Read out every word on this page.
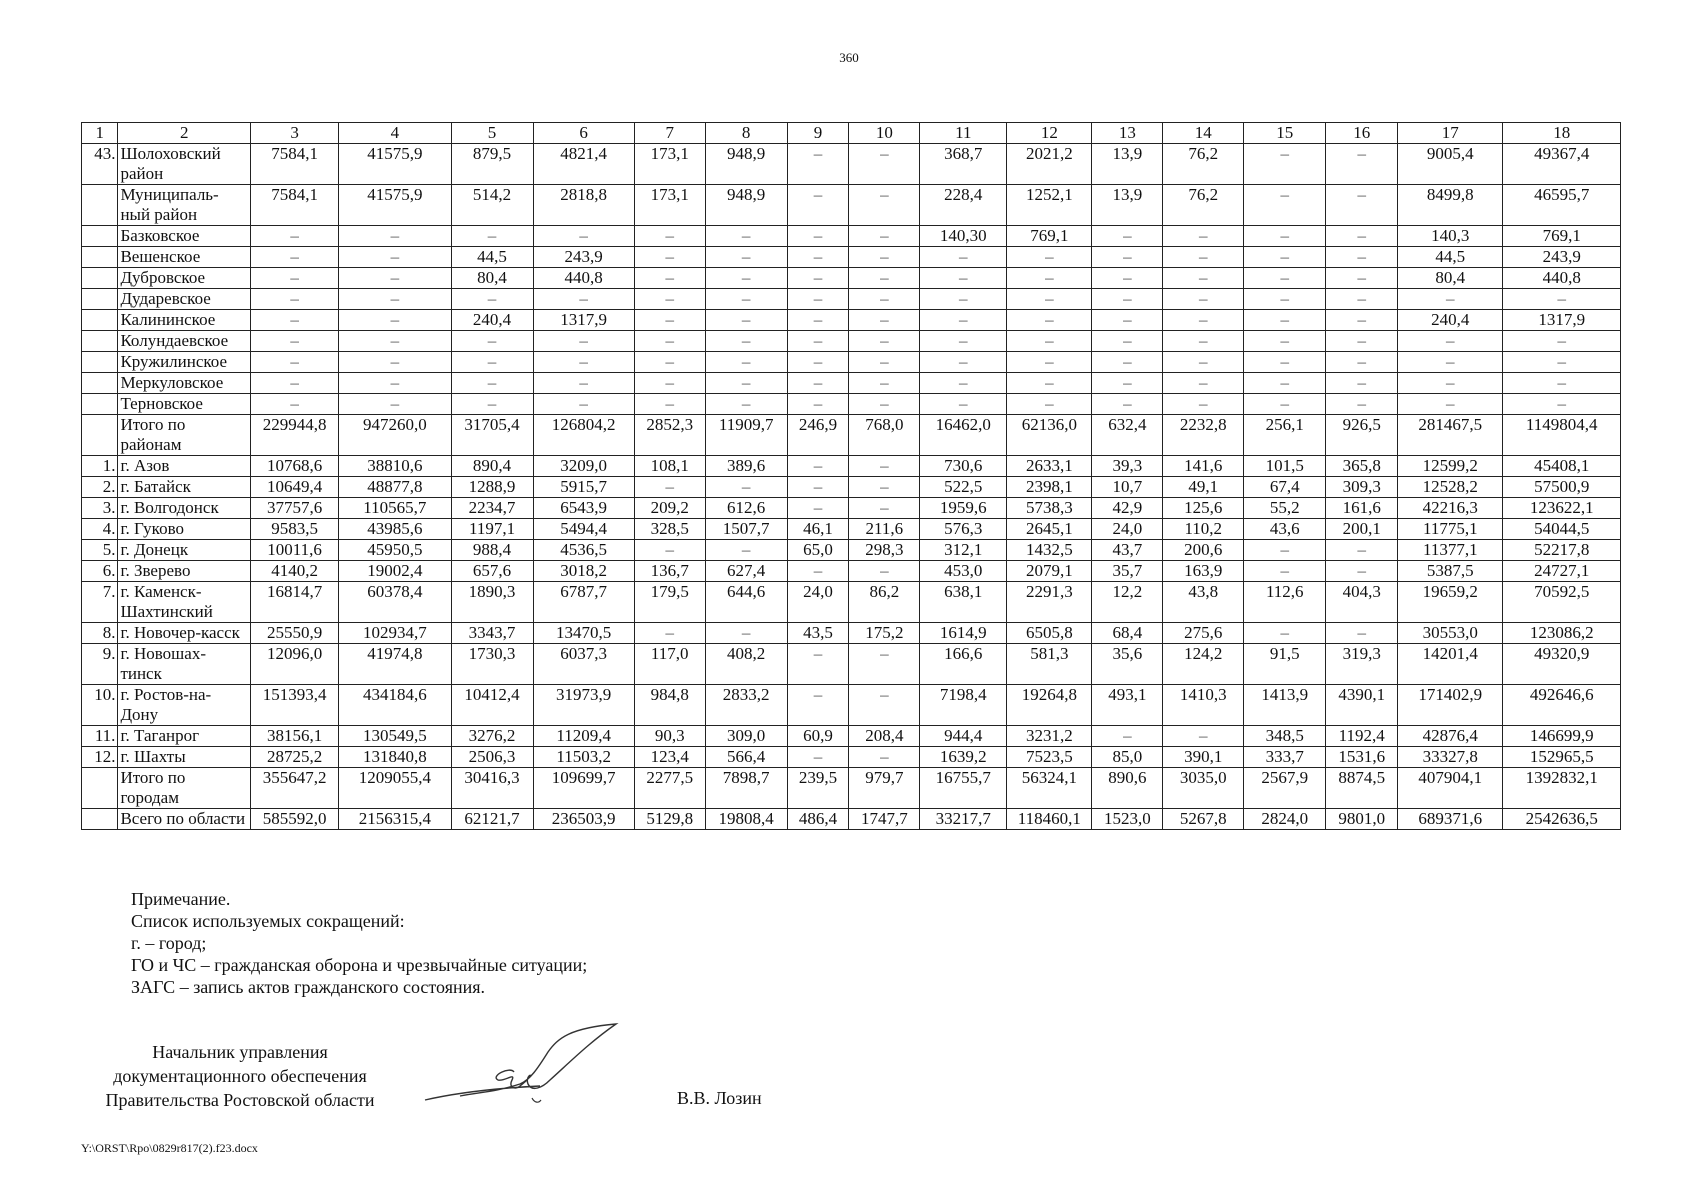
360
1	2	3	4	5	6	7	8	9	10	11	12	13	14	15	16	17	18
43.	Шолоховский район	7584,1	41575,9	879,5	4821,4	173,1	948,9	–	–	368,7	2021,2	13,9	76,2	–	–	9005,4	49367,4
	Муниципаль-ный район	7584,1	41575,9	514,2	2818,8	173,1	948,9	–	–	228,4	1252,1	13,9	76,2	–	–	8499,8	46595,7
	Базковское	–	–	–	–	–	–	–	–	140,30	769,1	–	–	–	–	140,3	769,1
	Вешенское	–	–	44,5	243,9	–	–	–	–	–	–	–	–	–	–	44,5	243,9
	Дубровское	–	–	80,4	440,8	–	–	–	–	–	–	–	–	–	–	80,4	440,8
	Дударевское	–	–	–	–	–	–	–	–	–	–	–	–	–	–	–	–
	Калининское	–	–	240,4	1317,9	–	–	–	–	–	–	–	–	–	–	240,4	1317,9
	Колундаевское	–	–	–	–	–	–	–	–	–	–	–	–	–	–	–	–
	Кружилинское	–	–	–	–	–	–	–	–	–	–	–	–	–	–	–	–
	Меркуловское	–	–	–	–	–	–	–	–	–	–	–	–	–	–	–	–
	Терновское	–	–	–	–	–	–	–	–	–	–	–	–	–	–	–	–
	Итого по районам	229944,8	947260,0	31705,4	126804,2	2852,3	11909,7	246,9	768,0	16462,0	62136,0	632,4	2232,8	256,1	926,5	281467,5	1149804,4
1.	г. Азов	10768,6	38810,6	890,4	3209,0	108,1	389,6	–	–	730,6	2633,1	39,3	141,6	101,5	365,8	12599,2	45408,1
2.	г. Батайск	10649,4	48877,8	1288,9	5915,7	–	–	–	–	522,5	2398,1	10,7	49,1	67,4	309,3	12528,2	57500,9
3.	г. Волгодонск	37757,6	110565,7	2234,7	6543,9	209,2	612,6	–	–	1959,6	5738,3	42,9	125,6	55,2	161,6	42216,3	123622,1
4.	г. Гуково	9583,5	43985,6	1197,1	5494,4	328,5	1507,7	46,1	211,6	576,3	2645,1	24,0	110,2	43,6	200,1	11775,1	54044,5
5.	г. Донецк	10011,6	45950,5	988,4	4536,5	–	–	65,0	298,3	312,1	1432,5	43,7	200,6	–	–	11377,1	52217,8
6.	г. Зверево	4140,2	19002,4	657,6	3018,2	136,7	627,4	–	–	453,0	2079,1	35,7	163,9	–	–	5387,5	24727,1
7.	г. Каменск-Шахтинский	16814,7	60378,4	1890,3	6787,7	179,5	644,6	24,0	86,2	638,1	2291,3	12,2	43,8	112,6	404,3	19659,2	70592,5
8.	г. Новочер-касск	25550,9	102934,7	3343,7	13470,5	–	–	43,5	175,2	1614,9	6505,8	68,4	275,6	–	–	30553,0	123086,2
9.	г. Новошах-тинск	12096,0	41974,8	1730,3	6037,3	117,0	408,2	–	–	166,6	581,3	35,6	124,2	91,5	319,3	14201,4	49320,9
10.	г. Ростов-на-Дону	151393,4	434184,6	10412,4	31973,9	984,8	2833,2	–	–	7198,4	19264,8	493,1	1410,3	1413,9	4390,1	171402,9	492646,6
11.	г. Таганрог	38156,1	130549,5	3276,2	11209,4	90,3	309,0	60,9	208,4	944,4	3231,2	–	–	348,5	1192,4	42876,4	146699,9
12.	г. Шахты	28725,2	131840,8	2506,3	11503,2	123,4	566,4	–	–	1639,2	7523,5	85,0	390,1	333,7	1531,6	33327,8	152965,5
	Итого по городам	355647,2	1209055,4	30416,3	109699,7	2277,5	7898,7	239,5	979,7	16755,7	56324,1	890,6	3035,0	2567,9	8874,5	407904,1	1392832,1
	Всего по области	585592,0	2156315,4	62121,7	236503,9	5129,8	19808,4	486,4	1747,7	33217,7	118460,1	1523,0	5267,8	2824,0	9801,0	689371,6	2542636,5
Примечание.
Список используемых сокращений:
г. – город;
ГО и ЧС – гражданская оборона и чрезвычайные ситуации;
ЗАГС – запись актов гражданского состояния.
Начальник управления
документационного обеспечения
Правительства Ростовской области	В.В. Лозин
Y:\ORST\Rpo\0829r817(2).f23.docx
